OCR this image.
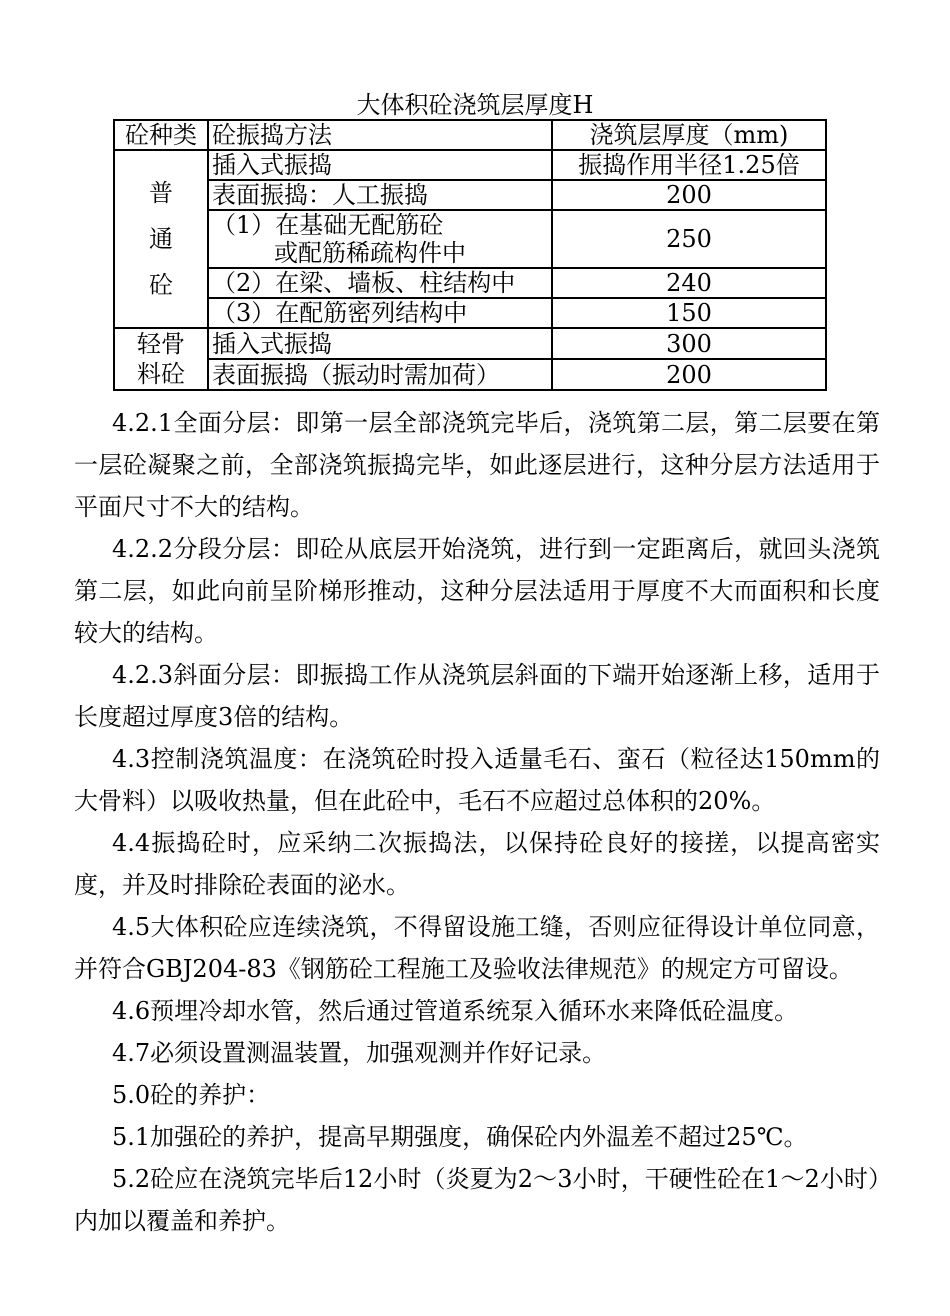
大体积砼浇筑层厚度H
砼种类	砼振捣方法	浇筑层厚度（mm)

普
通
砼	插入式振捣	振捣作用半径1.25倍
	表面振捣：人工振捣	200

	（1）在基础无配筋砼
或配筋稀疏构件中	250
	（2）在梁、墙板、柱结构中	240
	（3）在配筋密列结构中	150

轻骨
料砼	插入式振捣	300
	表面振捣（振动时需加荷）	200

4.2.1全面分层：即第一层全部浇筑完毕后，浇筑第二层，第二层要在第一层砼凝聚之前，全部浇筑振捣完毕，如此逐层进行，这种分层方法适用于平面尺寸不大的结构。

4.2.2分段分层：即砼从底层开始浇筑，进行到一定距离后，就回头浇筑第二层，如此向前呈阶梯形推动，这种分层法适用于厚度不大而面积和长度较大的结构。

4.2.3斜面分层：即振捣工作从浇筑层斜面的下端开始逐渐上移，适用于长度超过厚度3倍的结构。

4.3控制浇筑温度：在浇筑砼时投入适量毛石、蛮石（粒径达150mm的大骨料）以吸收热量，但在此砼中，毛石不应超过总体积的20%。

4.4振捣砼时，应采纳二次振捣法，以保持砼良好的接搓，以提高密实度，并及时排除砼表面的泌水。

4.5大体积砼应连续浇筑，不得留设施工缝，否则应征得设计单位同意，并符合GBJ204-83《钢筋砼工程施工及验收法律规范》的规定方可留设。

4.6预埋冷却水管，然后通过管道系统泵入循环水来降低砼温度。

4.7必须设置测温装置，加强观测并作好记录。

5.0砼的养护：

5.1加强砼的养护，提高早期强度，确保砼内外温差不超过25℃。

5.2砼应在浇筑完毕后12小时（炎夏为2～3小时，干硬性砼在1～2小时）内加以覆盖和养护。
